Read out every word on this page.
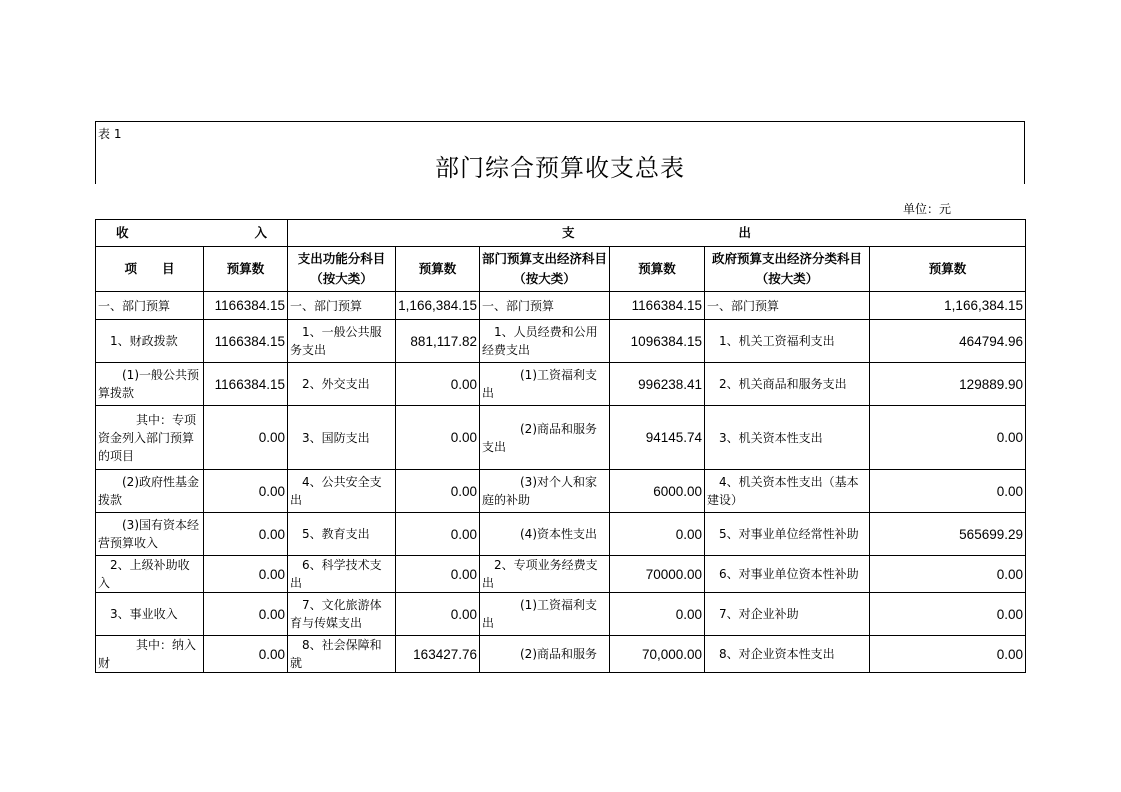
表 1
部门综合预算收支总表
单位：元
收 入		支 出					

项　　目	预算数	支出功能分科目（按大类）	预算数	部门预算支出经济科目（按大类）	预算数	政府预算支出经济分类科目（按大类）	预算数
一、部门预算	1166384.15	一、部门预算	1,166,384.15	一、部门预算	1166384.15	一、部门预算	1,166,384.15
1、财政拨款	1166384.15	1、一般公共服务支出	881,117.82	1、人员经费和公用经费支出	1096384.15	1、机关工资福利支出	464794.96
(1)一般公共预算拨款	1166384.15	2、外交支出	0.00	(1)工资福利支出	996238.41	2、机关商品和服务支出	129889.90
其中：专项资金列入部门预算的项目	0.00	3、国防支出	0.00	(2)商品和服务支出	94145.74	3、机关资本性支出	0.00
(2)政府性基金拨款	0.00	4、公共安全支出	0.00	(3)对个人和家庭的补助	6000.00	4、机关资本性支出（基本建设）	0.00
(3)国有资本经营预算收入	0.00	5、教育支出	0.00	(4)资本性支出	0.00	5、对事业单位经常性补助	565699.29
2、上级补助收入	0.00	6、科学技术支出	0.00	2、专项业务经费支出	70000.00	6、对事业单位资本性补助	0.00
3、事业收入	0.00	7、文化旅游体育与传媒支出	0.00	(1)工资福利支出	0.00	7、对企业补助	0.00
其中：纳入财	0.00	8、社会保障和就	163427.76	(2)商品和服务	70,000.00	8、对企业资本性支出	0.00
